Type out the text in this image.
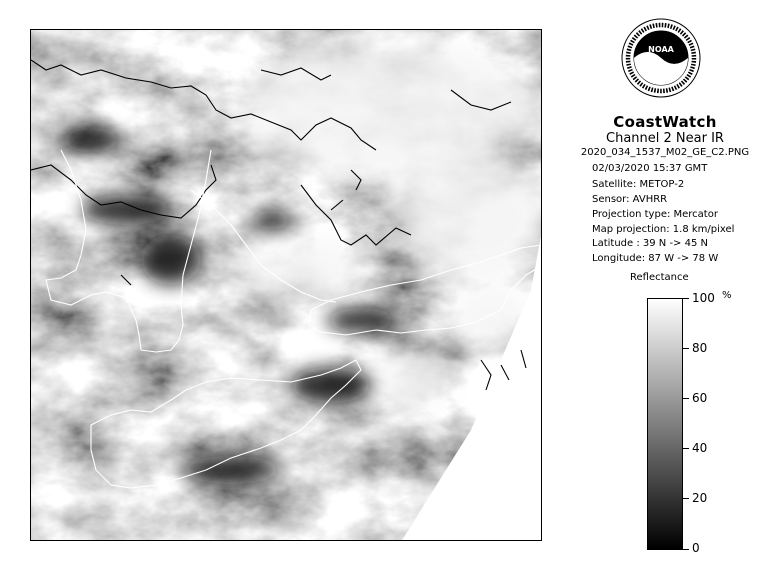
NOAA
CoastWatch
Channel 2 Near IR
2020_034_1537_M02_GE_C2.PNG
02/03/2020 15:37 GMT
Satellite: METOP-2
Sensor: AVHRR
Projection type: Mercator
Map projection: 1.8 km/pixel
Latitude : 39 N -> 45 N
Longitude: 87 W -> 78 W
Reflectance
%
100
80
60
40
20
0
